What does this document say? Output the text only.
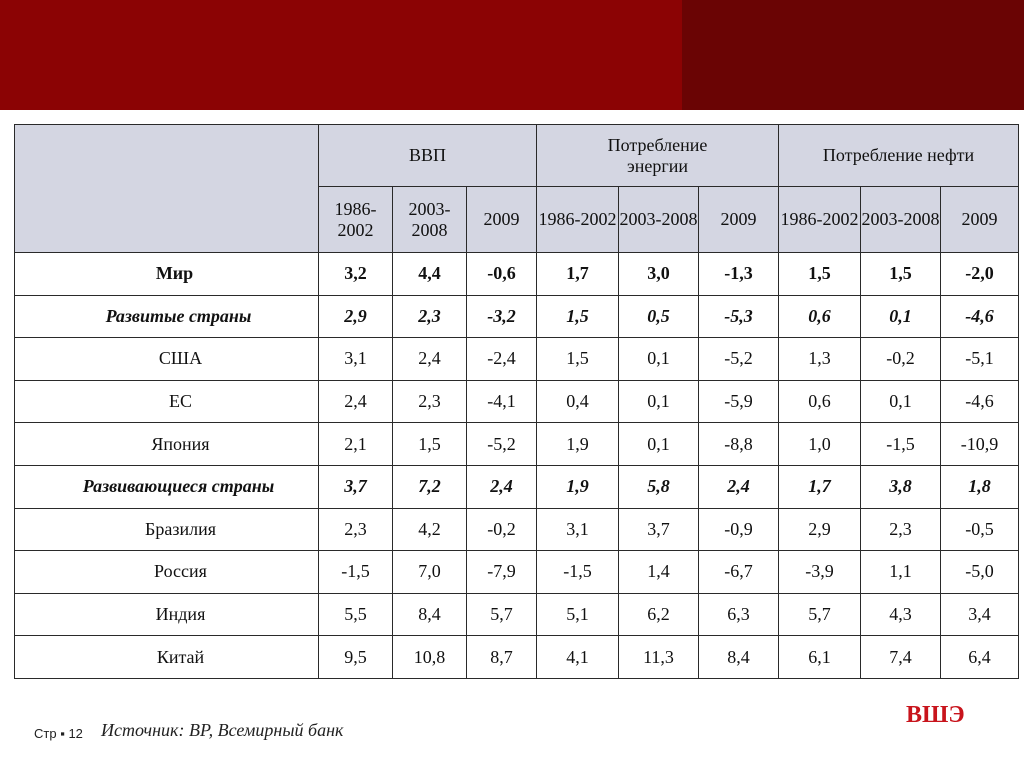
	ВВП			Потребление энергии			Потребление нефти		
	1986-2002	2003-2008	2009	1986-2002	2003-2008	2009	1986-2002	2003-2008	2009
Мир	3,2	4,4	-0,6	1,7	3,0	-1,3	1,5	1,5	-2,0
Развитые страны	2,9	2,3	-3,2	1,5	0,5	-5,3	0,6	0,1	-4,6
США	3,1	2,4	-2,4	1,5	0,1	-5,2	1,3	-0,2	-5,1
ЕС	2,4	2,3	-4,1	0,4	0,1	-5,9	0,6	0,1	-4,6
Япония	2,1	1,5	-5,2	1,9	0,1	-8,8	1,0	-1,5	-10,9
Развивающиеся страны	3,7	7,2	2,4	1,9	5,8	2,4	1,7	3,8	1,8
Бразилия	2,3	4,2	-0,2	3,1	3,7	-0,9	2,9	2,3	-0,5
Россия	-1,5	7,0	-7,9	-1,5	1,4	-6,7	-3,9	1,1	-5,0
Индия	5,5	8,4	5,7	5,1	6,2	6,3	5,7	4,3	3,4
Китай	9,5	10,8	8,7	4,1	11,3	8,4	6,1	7,4	6,4
Стр ▪ 12 Источник: BP, Всемирный банк
ВШЭ
